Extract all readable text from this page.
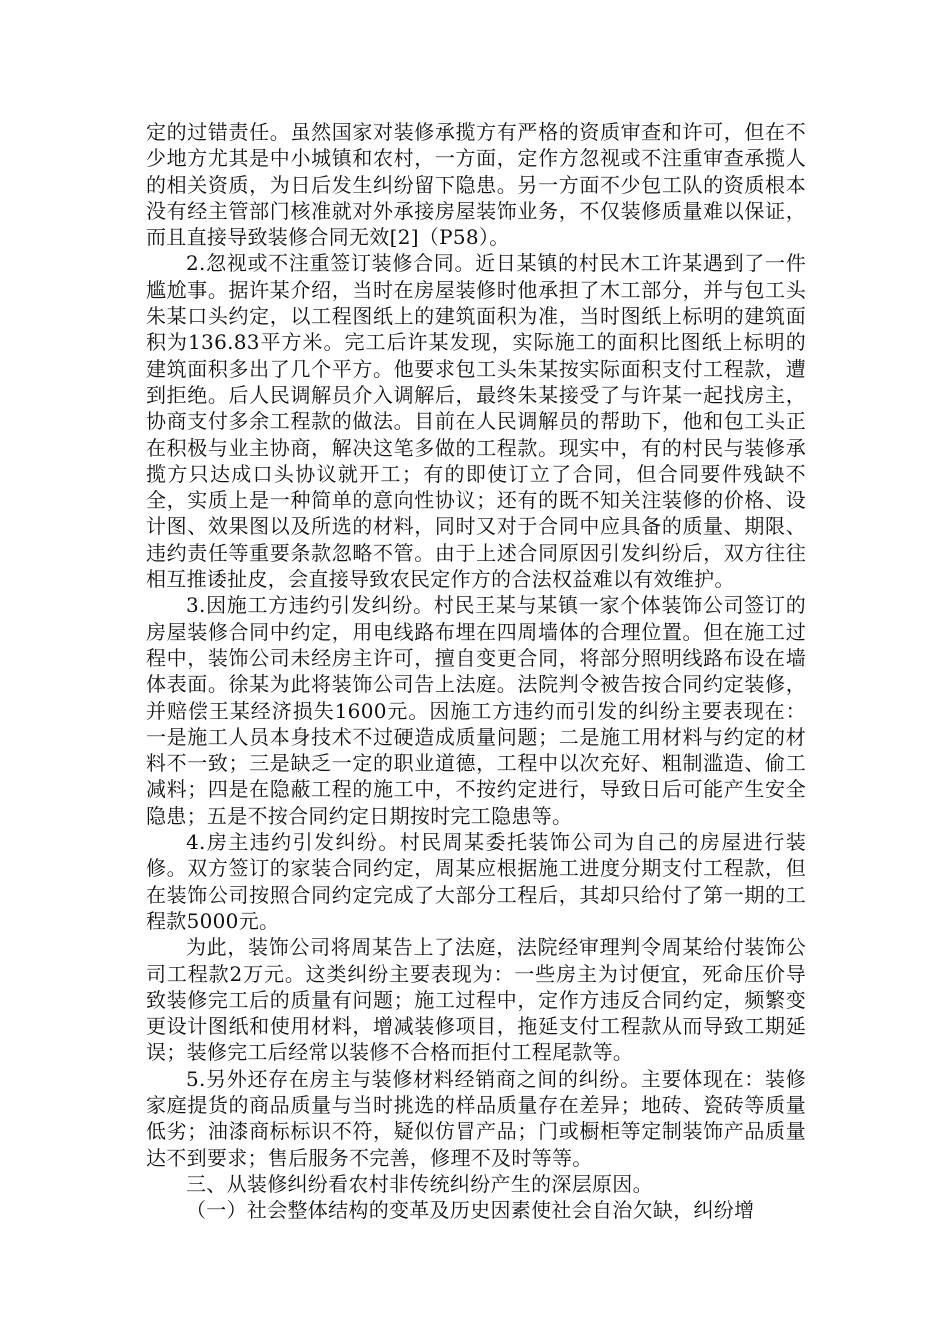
定的过错责任。虽然国家对装修承揽方有严格的资质审查和许可，但在不少地方尤其是中小城镇和农村，一方面，定作方忽视或不注重审查承揽人的相关资质，为日后发生纠纷留下隐患。另一方面不少包工队的资质根本没有经主管部门核准就对外承接房屋装饰业务，不仅装修质量难以保证，而且直接导致装修合同无效[2]（P58）。

2.忽视或不注重签订装修合同。近日某镇的村民木工许某遇到了一件尴尬事。据许某介绍，当时在房屋装修时他承担了木工部分，并与包工头朱某口头约定，以工程图纸上的建筑面积为准，当时图纸上标明的建筑面积为136.83平方米。完工后许某发现，实际施工的面积比图纸上标明的建筑面积多出了几个平方。他要求包工头朱某按实际面积支付工程款，遭到拒绝。后人民调解员介入调解后，最终朱某接受了与许某一起找房主，协商支付多余工程款的做法。目前在人民调解员的帮助下，他和包工头正在积极与业主协商，解决这笔多做的工程款。现实中，有的村民与装修承揽方只达成口头协议就开工；有的即使订立了合同，但合同要件残缺不全，实质上是一种简单的意向性协议；还有的既不知关注装修的价格、设计图、效果图以及所选的材料，同时又对于合同中应具备的质量、期限、违约责任等重要条款忽略不管。由于上述合同原因引发纠纷后，双方往往相互推诿扯皮，会直接导致农民定作方的合法权益难以有效维护。

3.因施工方违约引发纠纷。村民王某与某镇一家个体装饰公司签订的房屋装修合同中约定，用电线路布埋在四周墙体的合理位置。但在施工过程中，装饰公司未经房主许可，擅自变更合同，将部分照明线路布设在墙体表面。徐某为此将装饰公司告上法庭。法院判令被告按合同约定装修，并赔偿王某经济损失1600元。因施工方违约而引发的纠纷主要表现在：一是施工人员本身技术不过硬造成质量问题；二是施工用材料与约定的材料不一致；三是缺乏一定的职业道德，工程中以次充好、粗制滥造、偷工减料；四是在隐蔽工程的施工中，不按约定进行，导致日后可能产生安全隐患；五是不按合同约定日期按时完工隐患等。

4.房主违约引发纠纷。村民周某委托装饰公司为自己的房屋进行装修。双方签订的家装合同约定，周某应根据施工进度分期支付工程款，但在装饰公司按照合同约定完成了大部分工程后，其却只给付了第一期的工程款5000元。

为此，装饰公司将周某告上了法庭，法院经审理判令周某给付装饰公司工程款2万元。这类纠纷主要表现为：一些房主为讨便宜，死命压价导致装修完工后的质量有问题；施工过程中，定作方违反合同约定，频繁变更设计图纸和使用材料，增减装修项目，拖延支付工程款从而导致工期延误；装修完工后经常以装修不合格而拒付工程尾款等。

5.另外还存在房主与装修材料经销商之间的纠纷。主要体现在：装修家庭提货的商品质量与当时挑选的样品质量存在差异；地砖、瓷砖等质量低劣；油漆商标标识不符，疑似仿冒产品；门或橱柜等定制装饰产品质量达不到要求；售后服务不完善，修理不及时等等。

三、从装修纠纷看农村非传统纠纷产生的深层原因。

（一）社会整体结构的变革及历史因素使社会自治欠缺，纠纷增
